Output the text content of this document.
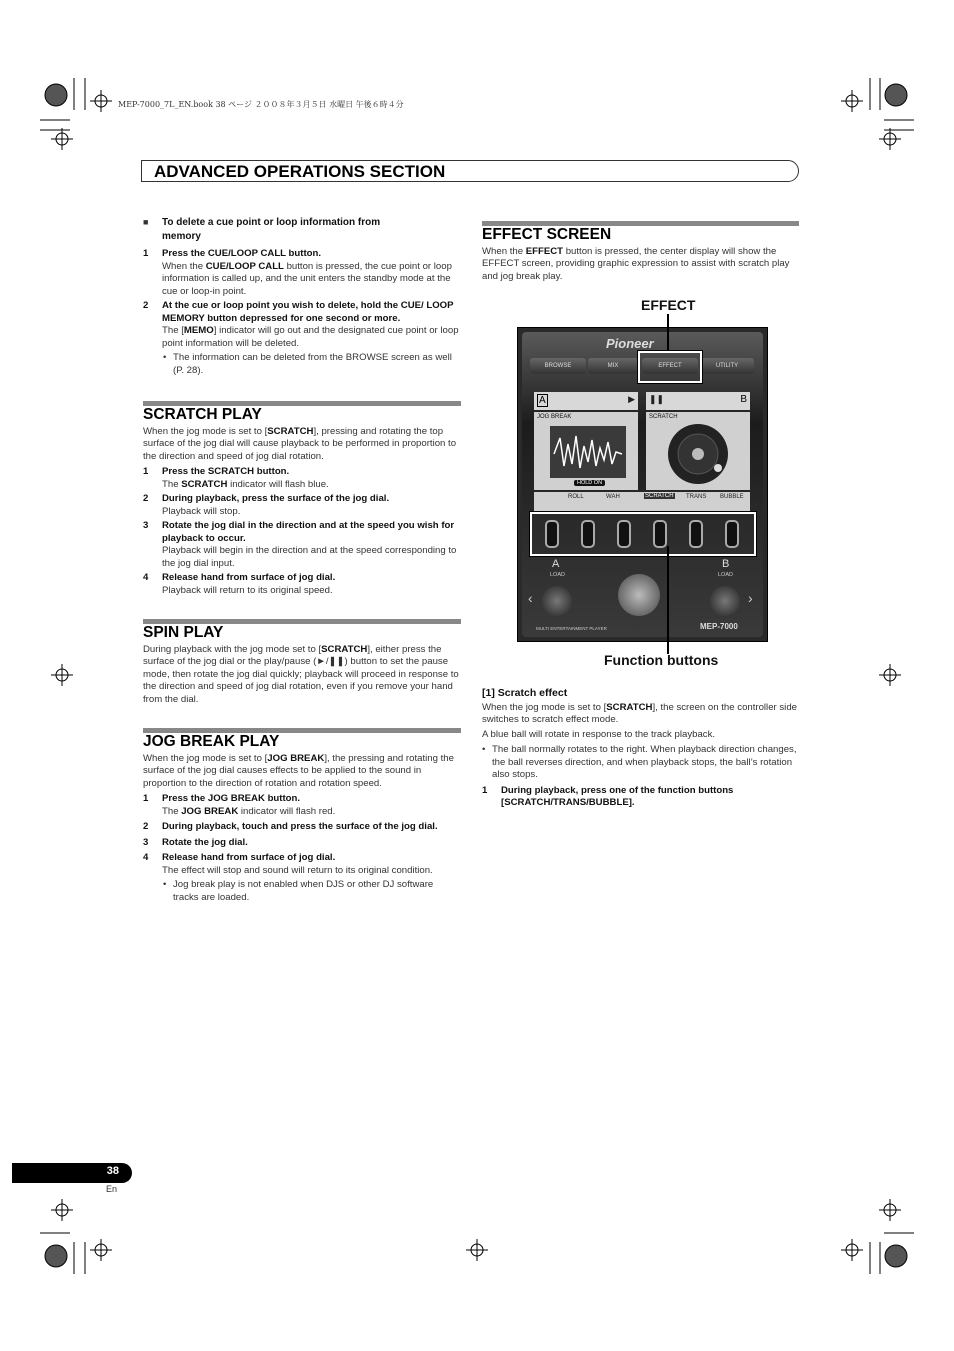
MEP-7000_7L_EN.book 38 ページ ２００８年３月５日 水曜日 午後６時４分
ADVANCED OPERATIONS SECTION
■ To delete a cue point or loop information from
memory
1 Press the CUE/LOOP CALL button.

When the CUE/LOOP CALL button is pressed, the cue point or loop information is called up, and the unit enters the standby mode at the cue or loop-in point.

2 At the cue or loop point you wish to delete, hold the CUE/ LOOP MEMORY button depressed for one second or more.

The [MEMO] indicator will go out and the designated cue point or loop point information will be deleted.

• The information can be deleted from the BROWSE screen as well (P. 28).
SCRATCH PLAY

When the jog mode is set to [SCRATCH], pressing and rotating the top surface of the jog dial will cause playback to be performed in proportion to the direction and speed of jog dial rotation.

1 Press the SCRATCH button.

The SCRATCH indicator will flash blue.

2 During playback, press the surface of the jog dial.

Playback will stop.

3 Rotate the jog dial in the direction and at the speed you wish for playback to occur.

Playback will begin in the direction and at the speed corresponding to the jog dial input.

4 Release hand from surface of jog dial.

Playback will return to its original speed.

SPIN PLAY

During playback with the jog mode set to [SCRATCH], either press the surface of the jog dial or the play/pause (►/❚❚) button to set the pause mode, then rotate the jog dial quickly; playback will proceed in response to the direction and speed of jog dial rotation, even if you remove your hand from the dial.

JOG BREAK PLAY

When the jog mode is set to [JOG BREAK], the pressing and rotating the surface of the jog dial causes effects to be applied to the sound in proportion to the direction of rotation and rotation speed.

1 Press the JOG BREAK button.

The JOG BREAK indicator will flash red.

2 During playback, touch and press the surface of the jog dial.
3 Rotate the jog dial.
4 Release hand from surface of jog dial.

The effect will stop and sound will return to its original condition.

• Jog break play is not enabled when DJS or other DJ software tracks are loaded.
EFFECT SCREEN

When the EFFECT button is pressed, the center display will show the EFFECT screen, providing graphic expression to assist with scratch play and jog break play.

EFFECT
Pioneer
BROWSE	MIX	EFFECT	UTILITY
A	▶
JOG BREAK
HOLD ON
❚❚	B
SCRATCH
ROLL	WAH	SCRATCH TRANS BUBBLE
A
LOAD
B
LOAD
‹	›
MULTI ENTERTAINMENT PLAYER	MEP-7000
Function buttons
[1] Scratch effect

When the jog mode is set to [SCRATCH], the screen on the controller side switches to scratch effect mode.

A blue ball will rotate in response to the track playback.

• The ball normally rotates to the right. When playback direction changes, the ball reverses direction, and when playback stops, the ball’s rotation also stops.
1 During playback, press one of the function buttons [SCRATCH/TRANS/BUBBLE].
38
En
